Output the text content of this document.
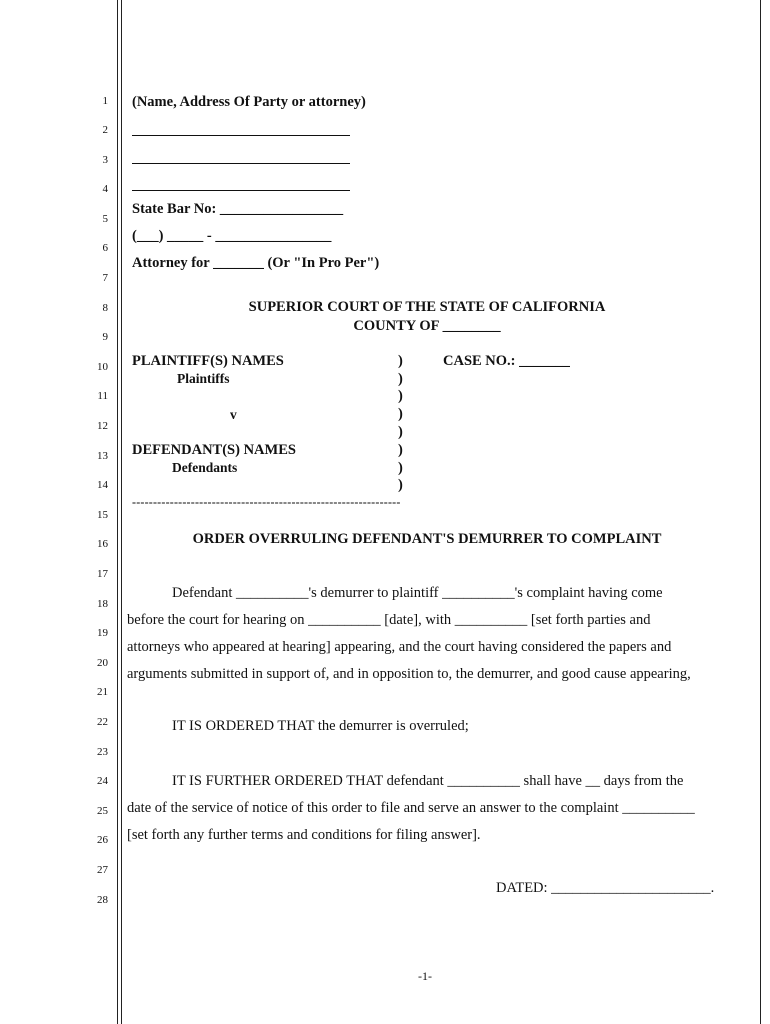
1
2
3
4
5
6
7
8
9
10
11
12
13
14
15
16
17
18
19
20
21
22
23
24
25
26
27
28
(Name, Address Of Party or attorney)
State Bar No: _________________
(___) _____ - ________________
Attorney for _______ (Or "In Pro Per")
SUPERIOR COURT OF THE STATE OF CALIFORNIA
COUNTY OF ________
PLAINTIFF(S) NAMES
Plaintiffs
v
DEFENDANT(S) NAMES
Defendants
CASE NO.: _______
)
)
)
)
)
)
)
)
----------------------------------------------------------------
ORDER OVERRULING DEFENDANT'S DEMURRER TO COMPLAINT
Defendant __________'s demurrer to plaintiff __________'s complaint having come
before the court for hearing on __________ [date], with __________ [set forth parties and
attorneys who appeared at hearing] appearing, and the court having considered the papers and
arguments submitted in support of, and in opposition to, the demurrer, and good cause appearing,
IT IS ORDERED THAT the demurrer is overruled;
IT IS FURTHER ORDERED THAT defendant __________ shall have __ days from the
date of the service of notice of this order to file and serve an answer to the complaint __________
[set forth any further terms and conditions for filing answer].
DATED: ______________________.
-1-
